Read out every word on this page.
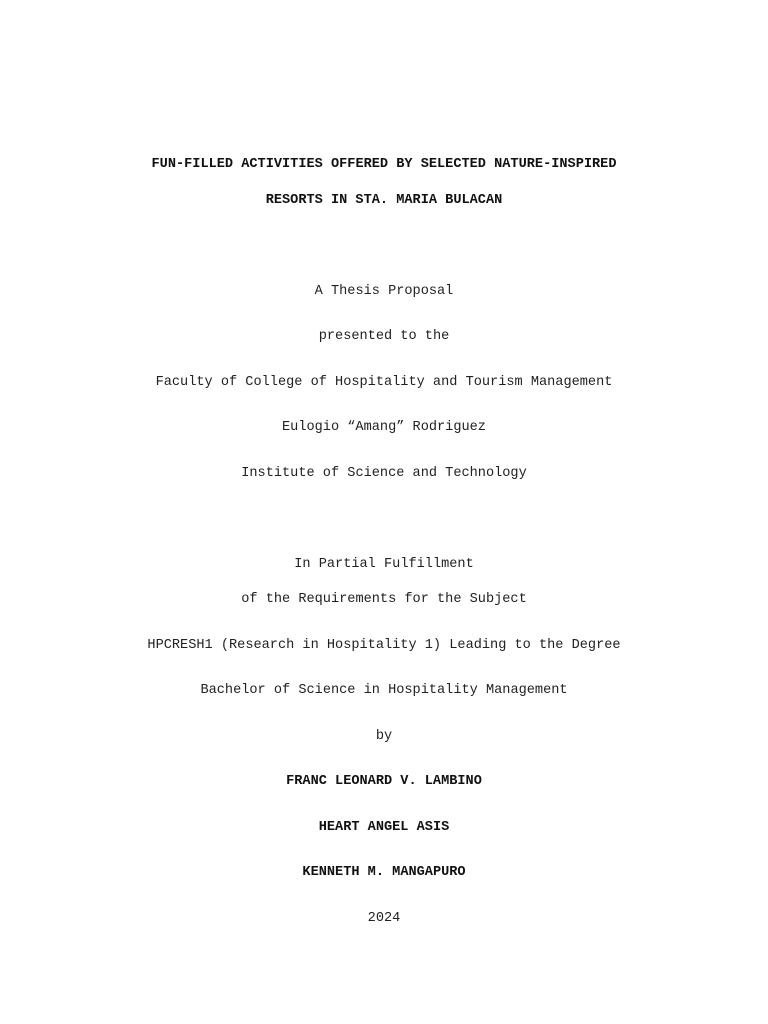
FUN-FILLED ACTIVITIES OFFERED BY SELECTED NATURE-INSPIRED
RESORTS IN STA. MARIA BULACAN
A Thesis Proposal
presented to the
Faculty of College of Hospitality and Tourism Management
Eulogio “Amang” Rodriguez
Institute of Science and Technology
In Partial Fulfillment
of the Requirements for the Subject
HPCRESH1 (Research in Hospitality 1) Leading to the Degree
Bachelor of Science in Hospitality Management
by
FRANC LEONARD V. LAMBINO
HEART ANGEL ASIS
KENNETH M. MANGAPURO
2024
